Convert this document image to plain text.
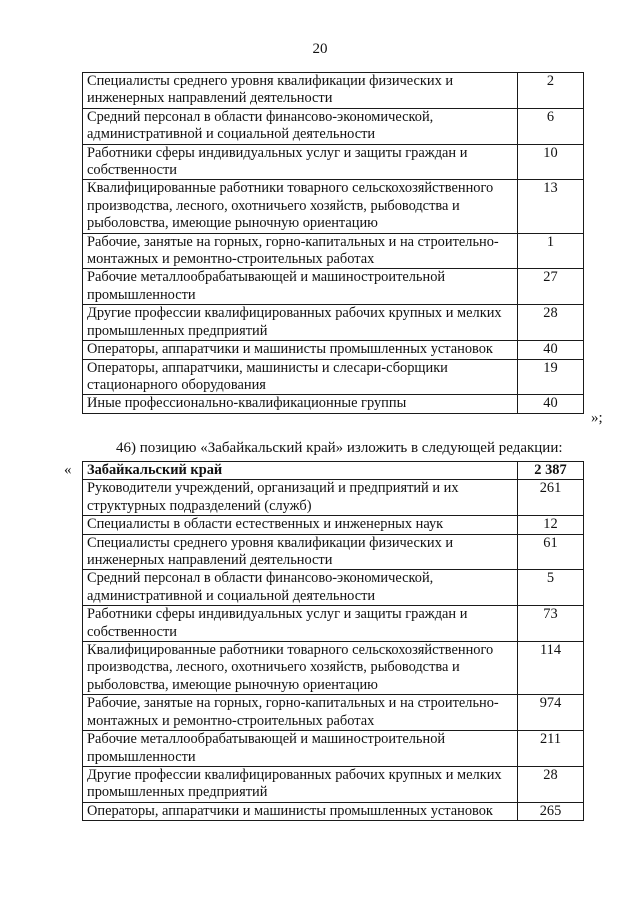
20
Специалисты среднего уровня квалификации физических и инженерных направлений деятельности	2
Средний персонал в области финансово-экономической, административной и социальной деятельности	6
Работники сферы индивидуальных услуг и защиты граждан и собственности	10
Квалифицированные работники товарного сельскохозяйственного производства, лесного, охотничьего хозяйств, рыбоводства и рыболовства, имеющие рыночную ориентацию	13
Рабочие, занятые на горных, горно-капитальных и на строительно-монтажных и ремонтно-строительных работах	1
Рабочие металлообрабатывающей и машиностроительной промышленности	27
Другие профессии квалифицированных рабочих крупных и мелких промышленных предприятий	28
Операторы, аппаратчики и машинисты промышленных установок	40
Операторы, аппаратчики, машинисты и слесари-сборщики стационарного оборудования	19
Иные профессионально-квалификационные группы	40
»;
46) позицию «Забайкальский край» изложить в следующей редакции:
« Забайкальский край	2 387
Руководители учреждений, организаций и предприятий и их структурных подразделений (служб)	261
Специалисты в области естественных и инженерных наук	12
Специалисты среднего уровня квалификации физических и инженерных направлений деятельности	61
Средний персонал в области финансово-экономической, административной и социальной деятельности	5
Работники сферы индивидуальных услуг и защиты граждан и собственности	73
Квалифицированные работники товарного сельскохозяйственного производства, лесного, охотничьего хозяйств, рыбоводства и рыболовства, имеющие рыночную ориентацию	114
Рабочие, занятые на горных, горно-капитальных и на строительно-монтажных и ремонтно-строительных работах	974
Рабочие металлообрабатывающей и машиностроительной промышленности	211
Другие профессии квалифицированных рабочих крупных и мелких промышленных предприятий	28
Операторы, аппаратчики и машинисты промышленных установок	265
